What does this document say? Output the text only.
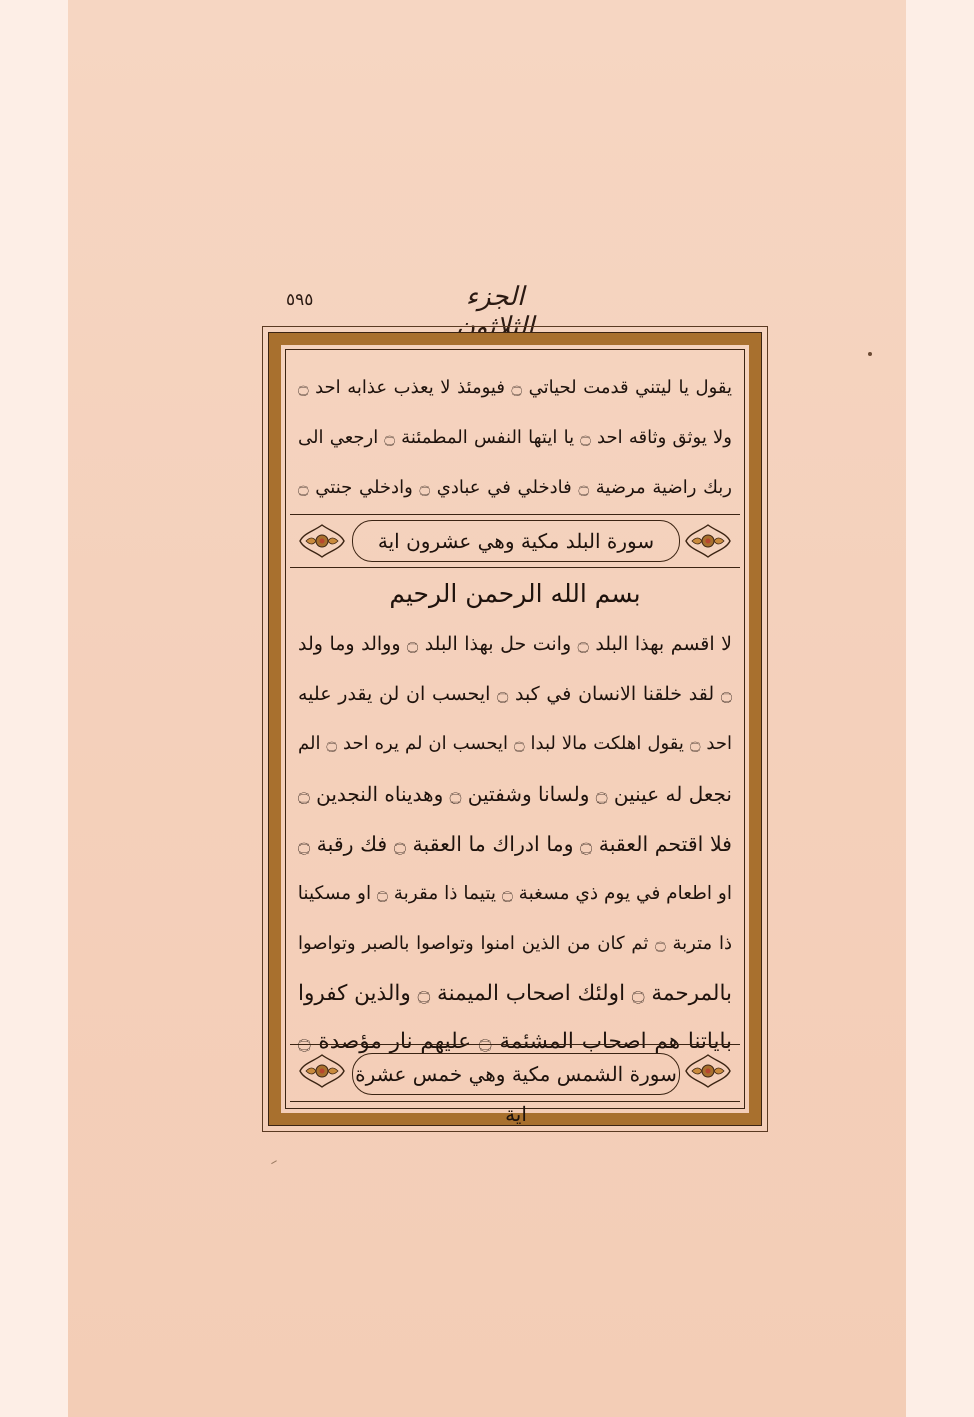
الجزء الثلاثون
٥٩٥
يقول يا ليتني قدمت لحياتي ۝ فيومئذ لا يعذب عذابه احد ۝
ولا يوثق وثاقه احد ۝ يا ايتها النفس المطمئنة ۝ ارجعي الى
ربك راضية مرضية ۝ فادخلي في عبادي ۝ وادخلي جنتي ۝
سورة البلد مكية وهي عشرون اية
بسم الله الرحمن الرحيم
لا اقسم بهذا البلد ۝ وانت حل بهذا البلد ۝ ووالد وما ولد
۝ لقد خلقنا الانسان في كبد ۝ ايحسب ان لن يقدر عليه
احد ۝ يقول اهلكت مالا لبدا ۝ ايحسب ان لم يره احد ۝ الم
نجعل له عينين ۝ ولسانا وشفتين ۝ وهديناه النجدين ۝
فلا اقتحم العقبة ۝ وما ادراك ما العقبة ۝ فك رقبة ۝
او اطعام في يوم ذي مسغبة ۝ يتيما ذا مقربة ۝ او مسكينا
ذا متربة ۝ ثم كان من الذين امنوا وتواصوا بالصبر وتواصوا
بالمرحمة ۝ اولئك اصحاب الميمنة ۝ والذين كفروا
باياتنا هم اصحاب المشئمة ۝ عليهم نار مؤصدة ۝
سورة الشمس مكية وهي خمس عشرة اية
